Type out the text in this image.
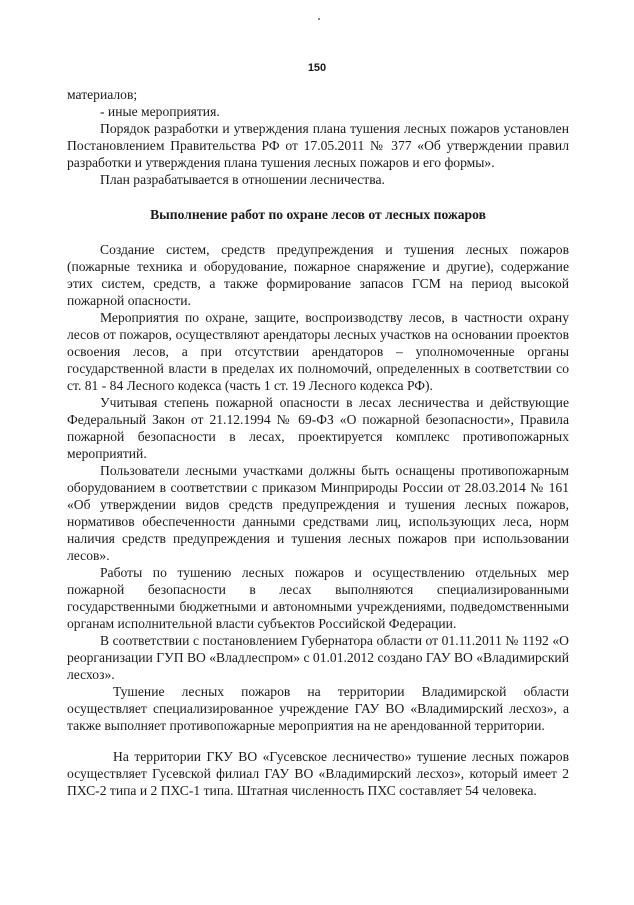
150

материалов;

- иные мероприятия.

Порядок разработки и утверждения плана тушения лесных пожаров установлен Постановлением Правительства РФ от 17.05.2011 № 377 «Об утверждении правил разработки и утверждения плана тушения лесных пожаров и его формы».

План разрабатывается в отношении лесничества.

Выполнение работ по охране лесов от лесных пожаров

Создание систем, средств предупреждения и тушения лесных пожаров (пожарные техника и оборудование, пожарное снаряжение и другие), содержание этих систем, средств, а также формирование запасов ГСМ на период высокой пожарной опасности.

Мероприятия по охране, защите, воспроизводству лесов, в частности охрану лесов от пожаров, осуществляют арендаторы лесных участков на основании проектов освоения лесов, а при отсутствии арендаторов – уполномоченные органы государственной власти в пределах их полномочий, определенных в соответствии со ст. 81 - 84 Лесного кодекса (часть 1 ст. 19 Лесного кодекса РФ).

Учитывая степень пожарной опасности в лесах лесничества и действующие Федеральный Закон от 21.12.1994 № 69-ФЗ «О пожарной безопасности», Правила пожарной безопасности в лесах, проектируется комплекс противопожарных мероприятий.

Пользователи лесными участками должны быть оснащены противопожарным оборудованием в соответствии с приказом Минприроды России от 28.03.2014 № 161 «Об утверждении видов средств предупреждения и тушения лесных пожаров, нормативов обеспеченности данными средствами лиц, использующих леса, норм наличия средств предупреждения и тушения лесных пожаров при использовании лесов».

Работы по тушению лесных пожаров и осуществлению отдельных мер пожарной безопасности в лесах выполняются специализированными государственными бюджетными и автономными учреждениями, подведомственными органам исполнительной власти субъектов Российской Федерации.

В соответствии с постановлением Губернатора области от 01.11.2011 № 1192 «О реорганизации ГУП ВО «Владлеспром» с 01.01.2012 создано ГАУ ВО «Владимирский лесхоз».

Тушение лесных пожаров на территории Владимирской области осуществляет специализированное учреждение ГАУ ВО «Владимирский лесхоз», а также выполняет противопожарные мероприятия на не арендованной территории.

На территории ГКУ ВО «Гусевское лесничество» тушение лесных пожаров осуществляет Гусевской филиал ГАУ ВО «Владимирский лесхоз», который имеет 2 ПХС-2 типа и 2 ПХС-1 типа. Штатная численность ПХС составляет 54 человека.
